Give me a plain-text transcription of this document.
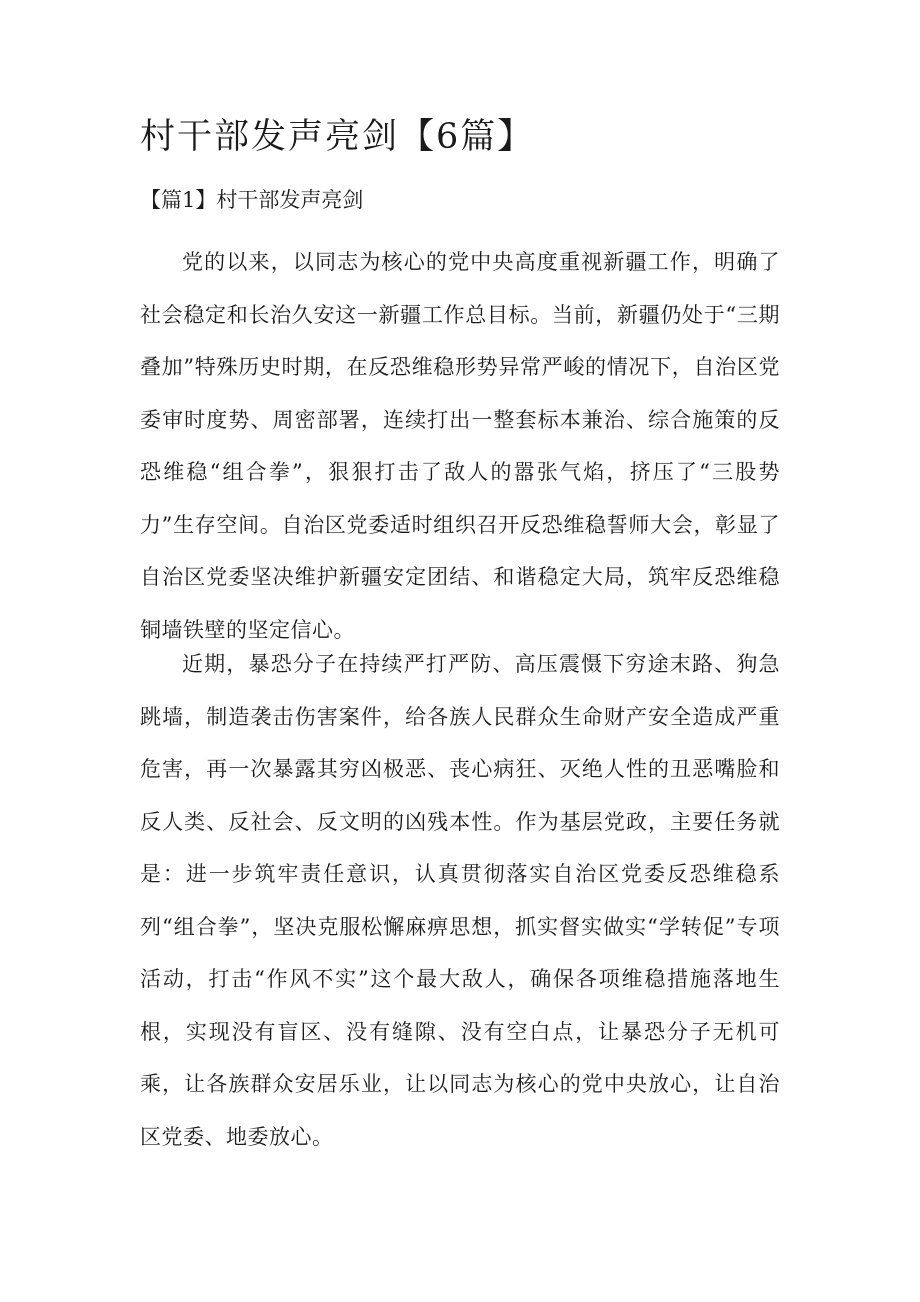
村干部发声亮剑【6篇】
【篇1】村干部发声亮剑

党的以来，以同志为核心的党中央高度重视新疆工作，明确了社会稳定和长治久安这一新疆工作总目标。当前，新疆仍处于“三期叠加”特殊历史时期，在反恐维稳形势异常严峻的情况下，自治区党委审时度势、周密部署，连续打出一整套标本兼治、综合施策的反恐维稳“组合拳”，狠狠打击了敌人的嚣张气焰，挤压了“三股势力”生存空间。自治区党委适时组织召开反恐维稳誓师大会，彰显了自治区党委坚决维护新疆安定团结、和谐稳定大局，筑牢反恐维稳铜墙铁壁的坚定信心。

近期，暴恐分子在持续严打严防、高压震慑下穷途末路、狗急跳墙，制造袭击伤害案件，给各族人民群众生命财产安全造成严重危害，再一次暴露其穷凶极恶、丧心病狂、灭绝人性的丑恶嘴脸和反人类、反社会、反文明的凶残本性。作为基层党政，主要任务就是：进一步筑牢责任意识，认真贯彻落实自治区党委反恐维稳系列“组合拳”，坚决克服松懈麻痹思想，抓实督实做实“学转促”专项活动，打击“作风不实”这个最大敌人，确保各项维稳措施落地生根，实现没有盲区、没有缝隙、没有空白点，让暴恐分子无机可乘，让各族群众安居乐业，让以同志为核心的党中央放心，让自治区党委、地委放心。
